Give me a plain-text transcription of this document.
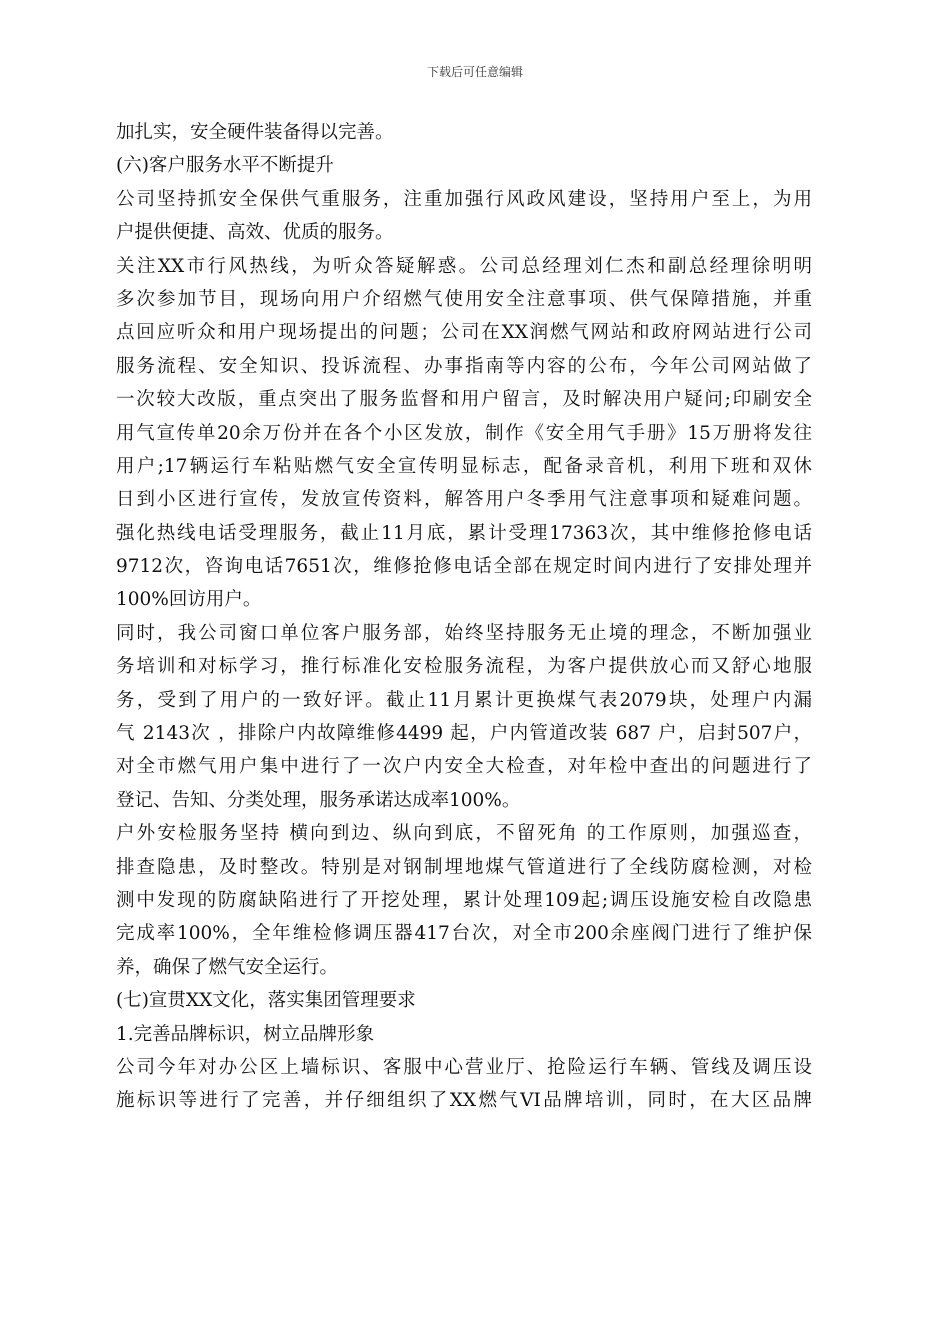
下载后可任意编辑
加扎实，安全硬件装备得以完善。
(六)客户服务水平不断提升
公司坚持抓安全保供气重服务，注重加强行风政风建设，坚持用户至上，为用
户提供便捷、高效、优质的服务。
关注XX市行风热线，为听众答疑解惑。公司总经理刘仁杰和副总经理徐明明
多次参加节目，现场向用户介绍燃气使用安全注意事项、供气保障措施，并重
点回应听众和用户现场提出的问题；公司在XX润燃气网站和政府网站进行公司
服务流程、安全知识、投诉流程、办事指南等内容的公布，今年公司网站做了
一次较大改版，重点突出了服务监督和用户留言，及时解决用户疑问;印刷安全
用气宣传单20余万份并在各个小区发放，制作《安全用气手册》15万册将发往
用户;17辆运行车粘贴燃气安全宣传明显标志，配备录音机，利用下班和双休
日到小区进行宣传，发放宣传资料，解答用户冬季用气注意事项和疑难问题。
强化热线电话受理服务，截止11月底，累计受理17363次，其中维修抢修电话
9712次，咨询电话7651次，维修抢修电话全部在规定时间内进行了安排处理并
100%回访用户。
同时，我公司窗口单位客户服务部，始终坚持服务无止境的理念，不断加强业
务培训和对标学习，推行标准化安检服务流程，为客户提供放心而又舒心地服
务，受到了用户的一致好评。截止11月累计更换煤气表2079块，处理户内漏
气 2143次 ，排除户内故障维修4499 起，户内管道改装 687 户，启封507户，
对全市燃气用户集中进行了一次户内安全大检查，对年检中查出的问题进行了
登记、告知、分类处理，服务承诺达成率100%。
户外安检服务坚持 横向到边、纵向到底，不留死角 的工作原则，加强巡查，
排查隐患，及时整改。特别是对钢制埋地煤气管道进行了全线防腐检测，对检
测中发现的防腐缺陷进行了开挖处理，累计处理109起;调压设施安检自改隐患
完成率100%，全年维检修调压器417台次，对全市200余座阀门进行了维护保
养，确保了燃气安全运行。
(七)宣贯XX文化，落实集团管理要求
1.完善品牌标识，树立品牌形象
公司今年对办公区上墙标识、客服中心营业厅、抢险运行车辆、管线及调压设
施标识等进行了完善，并仔细组织了XX燃气VI品牌培训，同时，在大区品牌
